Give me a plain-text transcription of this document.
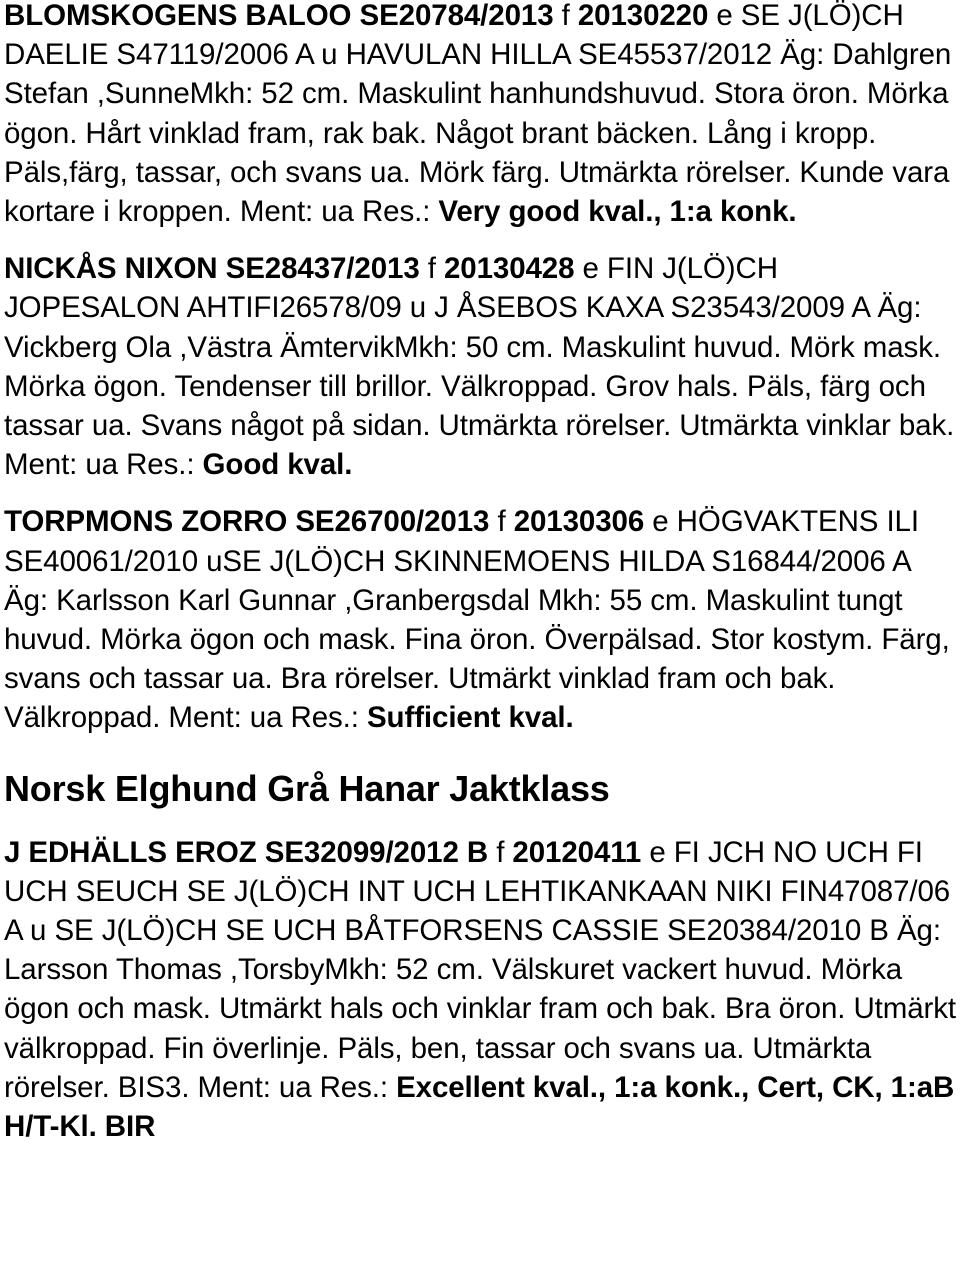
BLOMSKOGENS BALOO SE20784/2013 f 20130220 e SE J(LÖ)CH DAELIE S47119/2006 A u HAVULAN HILLA SE45537/2012 Äg: Dahlgren Stefan ,SunneMkh: 52 cm. Maskulint hanhundshuvud. Stora öron. Mörka ögon. Hårt vinklad fram, rak bak. Något brant bäcken. Lång i kropp. Päls,färg, tassar, och svans ua. Mörk färg. Utmärkta rörelser. Kunde vara kortare i kroppen. Ment: ua Res.: Very good kval., 1:a konk.

NICKÅS NIXON SE28437/2013 f 20130428 e FIN J(LÖ)CH JOPESALON AHTIFI26578/09 u J ÅSEBOS KAXA S23543/2009 A Äg: Vickberg Ola ,Västra ÄmtervikMkh: 50 cm. Maskulint huvud. Mörk mask. Mörka ögon. Tendenser till brillor. Välkroppad. Grov hals. Päls, färg och tassar ua. Svans något på sidan. Utmärkta rörelser. Utmärkta vinklar bak. Ment: ua Res.: Good kval.

TORPMONS ZORRO SE26700/2013 f 20130306 e HÖGVAKTENS ILI SE40061/2010 uSE J(LÖ)CH SKINNEMOENS HILDA S16844/2006 A Äg: Karlsson Karl Gunnar ,Granbergsdal Mkh: 55 cm. Maskulint tungt huvud. Mörka ögon och mask. Fina öron. Överpälsad. Stor kostym. Färg, svans och tassar ua. Bra rörelser. Utmärkt vinklad fram och bak. Välkroppad. Ment: ua Res.: Sufficient kval.

Norsk Elghund Grå Hanar Jaktklass

J EDHÄLLS EROZ SE32099/2012 B f 20120411 e FI JCH NO UCH FI UCH SEUCH SE J(LÖ)CH INT UCH LEHTIKANKAAN NIKI FIN47087/06 A u SE J(LÖ)CH SE UCH BÅTFORSENS CASSIE SE20384/2010 B Äg: Larsson Thomas ,TorsbyMkh: 52 cm. Välskuret vackert huvud. Mörka ögon och mask. Utmärkt hals och vinklar fram och bak. Bra öron. Utmärkt välkroppad. Fin överlinje. Päls, ben, tassar och svans ua. Utmärkta rörelser. BIS3. Ment: ua Res.: Excellent kval., 1:a konk., Cert, CK, 1:aB H/T-Kl. BIR
